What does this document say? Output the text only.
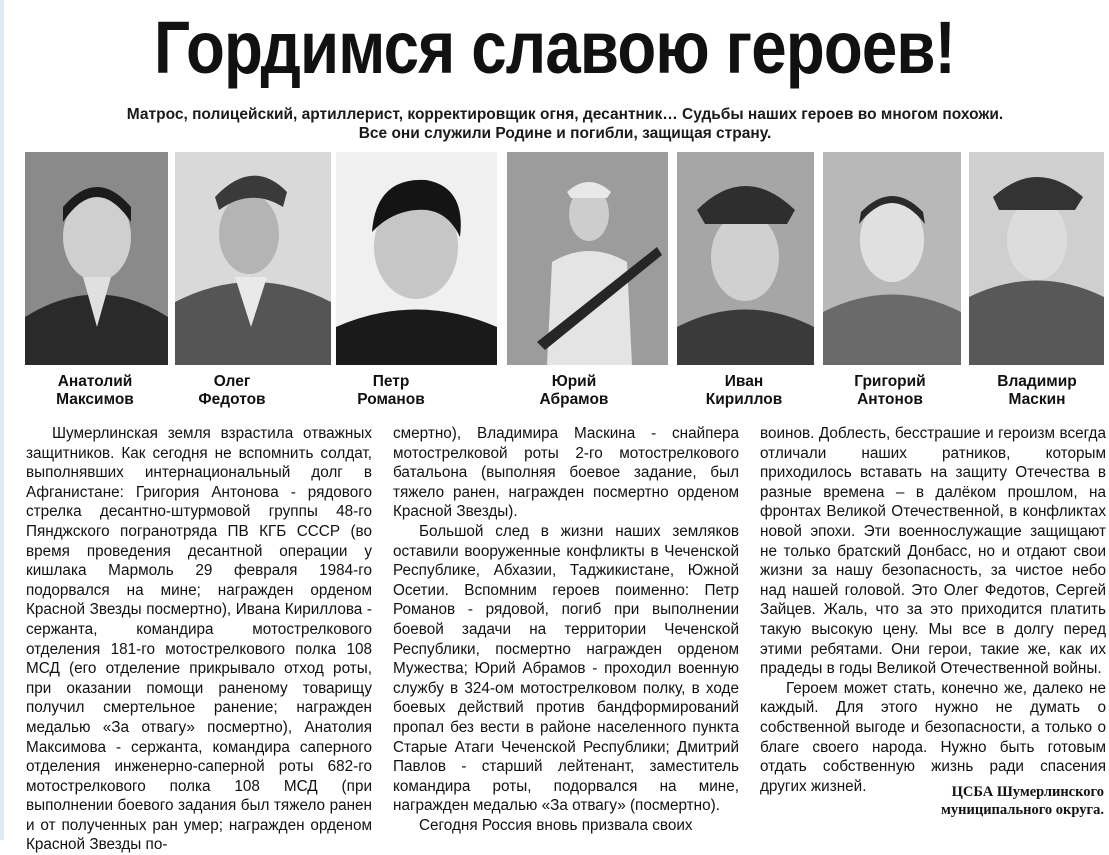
Гордимся славою героев!
Матрос, полицейский, артиллерист, корректировщик огня, десантник… Судьбы наших героев во многом похожи.
Все они служили Родине и погибли, защищая страну.
Анатолий
Максимов
Олег
Федотов
Петр
Романов
Юрий
Абрамов
Иван
Кириллов
Григорий
Антонов
Владимир
Маскин

Шумерлинская земля взрастила отважных защитников. Как сегодня не вспомнить солдат, выполнявших интернациональный долг в Афганистане: Григория Антонова - рядового стрелка десантно-штурмовой группы 48-го Пянджского погранотряда ПВ КГБ СССР (во время проведения десантной операции у кишлака Мармоль 29 февраля 1984-го подорвался на мине; награжден орденом Красной Звезды посмертно), Ивана Кириллова - сержанта, командира мотострелкового отделения 181-го мотострелкового полка 108 МСД (его отделение прикрывало отход роты, при оказании помощи раненому товарищу получил смертельное ранение; награжден медалью «За отвагу» посмертно), Анатолия Максимова - сержанта, командира саперного отделения инженерно-саперной роты 682-го мотострелкового полка 108 МСД (при выполнении боевого задания был тяжело ранен и от полученных ран умер; награжден орденом Красной Звезды по-

смертно), Владимира Маскина - снайпера мотострелковой роты 2-го мотострелкового батальона (выполняя боевое задание, был тяжело ранен, награжден посмертно орденом Красной Звезды).

Большой след в жизни наших земляков оставили вооруженные конфликты в Чеченской Республике, Абхазии, Таджикистане, Южной Осетии. Вспомним героев поименно: Петр Романов - рядовой, погиб при выполнении боевой задачи на территории Чеченской Республики, посмертно награжден орденом Мужества; Юрий Абрамов - проходил военную службу в 324-ом мотострелковом полку, в ходе боевых действий против бандформирований пропал без вести в районе населенного пункта Старые Атаги Чеченской Республики; Дмитрий Павлов - старший лейтенант, заместитель командира роты, подорвался на мине, награжден медалью «За отвагу» (посмертно).

Сегодня Россия вновь призвала своих

воинов. Доблесть, бесстрашие и героизм всегда отличали наших ратников, которым приходилось вставать на защиту Отечества в разные времена – в далёком прошлом, на фронтах Великой Отечественной, в конфликтах новой эпохи. Эти военнослужащие защищают не только братский Донбасс, но и отдают свои жизни за нашу безопасность, за чистое небо над нашей головой. Это Олег Федотов, Сергей Зайцев. Жаль, что за это приходится платить такую высокую цену. Мы все в долгу перед этими ребятами. Они герои, такие же, как их прадеды в годы Великой Отечественной войны.

Героем может стать, конечно же, далеко не каждый. Для этого нужно не думать о собственной выгоде и безопасности, а только о благе своего народа. Нужно быть готовым отдать собственную жизнь ради спасения других жизней.	ЦСБА Шумерлинского
муниципального округа.
